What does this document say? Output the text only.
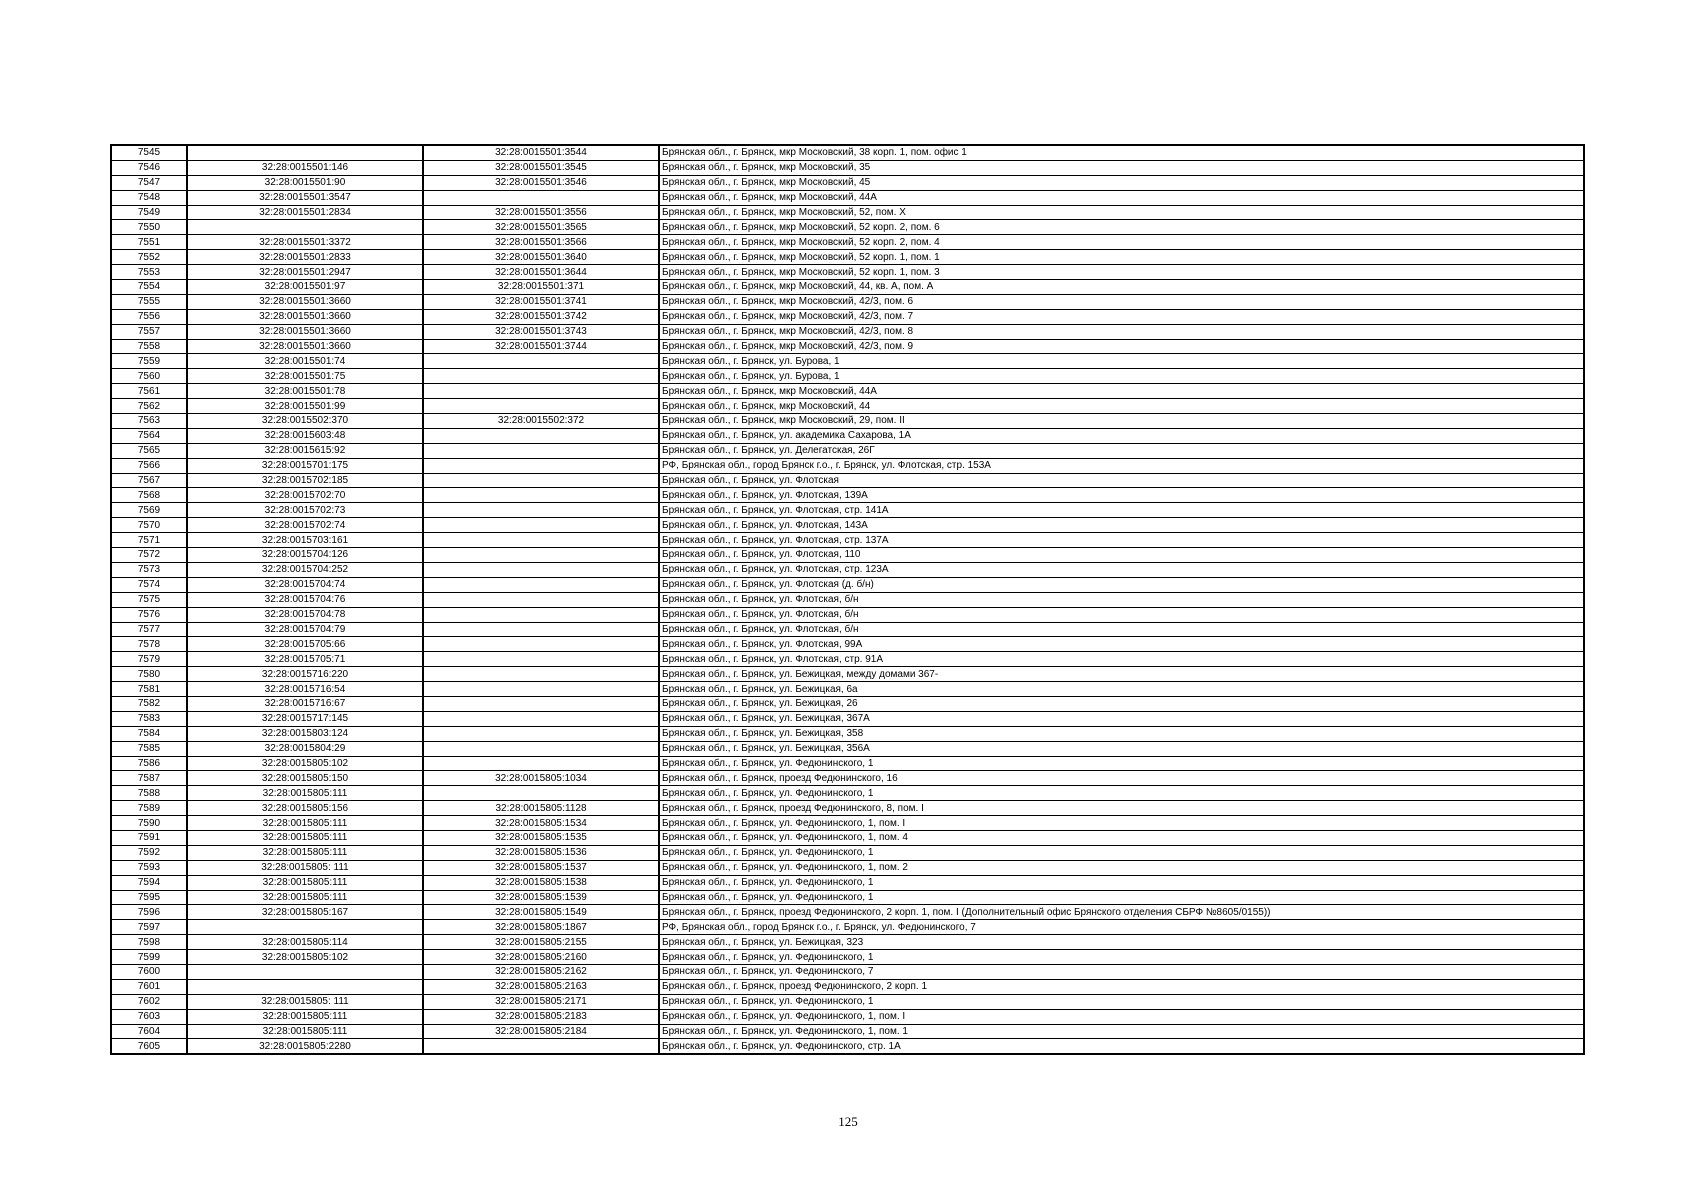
7545		32:28:0015501:3544	Брянская обл., г. Брянск, мкр Московский, 38 корп. 1, пом. офис 1
7546	32:28:0015501:146	32:28:0015501:3545	Брянская обл., г. Брянск, мкр Московский, 35
7547	32:28:0015501:90	32:28:0015501:3546	Брянская обл., г. Брянск, мкр Московский, 45
7548	32:28:0015501:3547		Брянская обл., г. Брянск, мкр Московский, 44А
7549	32:28:0015501:2834	32:28:0015501:3556	Брянская обл., г. Брянск, мкр Московский, 52, пом. X
7550		32:28:0015501:3565	Брянская обл., г. Брянск, мкр Московский, 52 корп. 2, пом. 6
7551	32:28:0015501:3372	32:28:0015501:3566	Брянская обл., г. Брянск, мкр Московский, 52 корп. 2, пом. 4
7552	32:28:0015501:2833	32:28:0015501:3640	Брянская обл., г. Брянск, мкр Московский, 52 корп. 1, пом. 1
7553	32:28:0015501:2947	32:28:0015501:3644	Брянская обл., г. Брянск, мкр Московский, 52 корп. 1, пом. 3
7554	32:28:0015501:97	32:28:0015501:371	Брянская обл., г. Брянск, мкр Московский, 44, кв. А, пом. А
7555	32:28:0015501:3660	32:28:0015501:3741	Брянская обл., г. Брянск, мкр Московский, 42/3, пом. 6
7556	32:28:0015501:3660	32:28:0015501:3742	Брянская обл., г. Брянск, мкр Московский, 42/3, пом. 7
7557	32:28:0015501:3660	32:28:0015501:3743	Брянская обл., г. Брянск, мкр Московский, 42/3, пом. 8
7558	32:28:0015501:3660	32:28:0015501:3744	Брянская обл., г. Брянск, мкр Московский, 42/3, пом. 9
7559	32:28:0015501:74		Брянская обл., г. Брянск, ул. Бурова, 1
7560	32:28:0015501:75		Брянская обл., г. Брянск, ул. Бурова, 1
7561	32:28:0015501:78		Брянская обл., г. Брянск, мкр Московский, 44А
7562	32:28:0015501:99		Брянская обл., г. Брянск, мкр Московский, 44
7563	32:28:0015502:370	32:28:0015502:372	Брянская обл., г. Брянск, мкр Московский, 29, пом. II
7564	32:28:0015603:48		Брянская обл., г. Брянск, ул. академика Сахарова, 1А
7565	32:28:0015615:92		Брянская обл., г. Брянск, ул. Делегатская, 26Г
7566	32:28:0015701:175		РФ, Брянская обл., город Брянск г.о., г. Брянск, ул. Флотская, стр. 153А
7567	32:28:0015702:185		Брянская обл., г. Брянск, ул. Флотская
7568	32:28:0015702:70		Брянская обл., г. Брянск, ул. Флотская, 139А
7569	32:28:0015702:73		Брянская обл., г. Брянск, ул. Флотская, стр. 141А
7570	32:28:0015702:74		Брянская обл., г. Брянск, ул. Флотская, 143А
7571	32:28:0015703:161		Брянская обл., г. Брянск, ул. Флотская, стр. 137А
7572	32:28:0015704:126		Брянская обл., г. Брянск, ул. Флотская, 110
7573	32:28:0015704:252		Брянская обл., г. Брянск, ул. Флотская, стр. 123А
7574	32:28:0015704:74		Брянская обл., г. Брянск, ул. Флотская (д. б/н)
7575	32:28:0015704:76		Брянская обл., г. Брянск, ул. Флотская, б/н
7576	32:28:0015704:78		Брянская обл., г. Брянск, ул. Флотская, б/н
7577	32:28:0015704:79		Брянская обл., г. Брянск, ул. Флотская, б/н
7578	32:28:0015705:66		Брянская обл., г. Брянск, ул. Флотская, 99А
7579	32:28:0015705:71		Брянская обл., г. Брянск, ул. Флотская, стр. 91А
7580	32:28:0015716:220		Брянская обл., г. Брянск, ул. Бежицкая, между домами 367-
7581	32:28:0015716:54		Брянская обл., г. Брянск, ул. Бежицкая, 6а
7582	32:28:0015716:67		Брянская обл., г. Брянск, ул. Бежицкая, 26
7583	32:28:0015717:145		Брянская обл., г. Брянск, ул. Бежицкая, 367А
7584	32:28:0015803:124		Брянская обл., г. Брянск, ул. Бежицкая, 358
7585	32:28:0015804:29		Брянская обл., г. Брянск, ул. Бежицкая, 356А
7586	32:28:0015805:102		Брянская обл., г. Брянск, ул. Федюнинского, 1
7587	32:28:0015805:150	32:28:0015805:1034	Брянская обл., г. Брянск, проезд Федюнинского, 16
7588	32:28:0015805:111		Брянская обл., г. Брянск, ул. Федюнинского, 1
7589	32:28:0015805:156	32:28:0015805:1128	Брянская обл., г. Брянск, проезд Федюнинского, 8, пом. I
7590	32:28:0015805:111	32:28:0015805:1534	Брянская обл., г. Брянск, ул. Федюнинского, 1, пом. I
7591	32:28:0015805:111	32:28:0015805:1535	Брянская обл., г. Брянск, ул. Федюнинского, 1, пом. 4
7592	32:28:0015805:111	32:28:0015805:1536	Брянская обл., г. Брянск, ул. Федюнинского, 1
7593	32:28:0015805: 111	32:28:0015805:1537	Брянская обл., г. Брянск, ул. Федюнинского, 1, пом. 2
7594	32:28:0015805:111	32:28:0015805:1538	Брянская обл., г. Брянск, ул. Федюнинского, 1
7595	32:28:0015805:111	32:28:0015805:1539	Брянская обл., г. Брянск, ул. Федюнинского, 1
7596	32:28:0015805:167	32:28:0015805:1549	Брянская обл., г. Брянск, проезд Федюнинского, 2 корп. 1, пом. I (Дополнительный офис Брянского отделения СБРФ №8605/0155))
7597		32:28:0015805:1867	РФ, Брянская обл., город Брянск г.о., г. Брянск, ул. Федюнинского, 7
7598	32:28:0015805:114	32:28:0015805:2155	Брянская обл., г. Брянск, ул. Бежицкая, 323
7599	32:28:0015805:102	32:28:0015805:2160	Брянская обл., г. Брянск, ул. Федюнинского, 1
7600		32:28:0015805:2162	Брянская обл., г. Брянск, ул. Федюнинского, 7
7601		32:28:0015805:2163	Брянская обл., г. Брянск, проезд Федюнинского, 2 корп. 1
7602	32:28:0015805: 111	32:28:0015805:2171	Брянская обл., г. Брянск, ул. Федюнинского, 1
7603	32:28:0015805:111	32:28:0015805:2183	Брянская обл., г. Брянск, ул. Федюнинского, 1, пом. I
7604	32:28:0015805:111	32:28:0015805:2184	Брянская обл., г. Брянск, ул. Федюнинского, 1, пом. 1
7605	32:28:0015805:2280		Брянская обл., г. Брянск, ул. Федюнинского, стр. 1А
125
